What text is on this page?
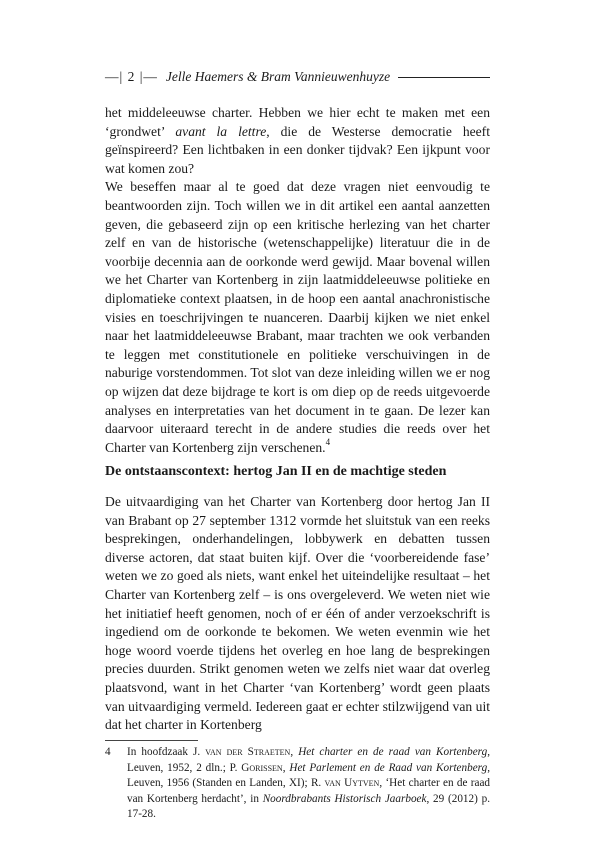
—| 2 |— Jelle Haemers & Bram Vannieuwenhuyze

het middeleeuwse charter. Hebben we hier echt te maken met een ‘grondwet’ avant la lettre, die de Westerse democratie heeft geïnspireerd? Een lichtbaken in een donker tijdvak? Een ijkpunt voor wat komen zou?

We beseffen maar al te goed dat deze vragen niet eenvoudig te beantwoorden zijn. Toch willen we in dit artikel een aantal aanzetten geven, die gebaseerd zijn op een kritische herlezing van het charter zelf en van de historische (wetenschappelijke) literatuur die in de voorbije decennia aan de oorkonde werd gewijd. Maar bovenal willen we het Charter van Kortenberg in zijn laatmiddeleeuwse politieke en diplomatieke context plaatsen, in de hoop een aantal anachronistische visies en toeschrijvingen te nuanceren. Daarbij kijken we niet enkel naar het laatmiddeleeuwse Brabant, maar trachten we ook verbanden te leggen met constitutionele en politieke verschuivingen in de naburige vorstendommen. Tot slot van deze inleiding willen we er nog op wijzen dat deze bijdrage te kort is om diep op de reeds uitgevoerde analyses en interpretaties van het document in te gaan. De lezer kan daarvoor uiteraard terecht in de andere studies die reeds over het Charter van Kortenberg zijn verschenen.$^4$

De ontstaanscontext: hertog Jan II en de machtige steden

De uitvaardiging van het Charter van Kortenberg door hertog Jan II van Brabant op 27 september 1312 vormde het sluitstuk van een reeks besprekingen, onderhandelingen, lobbywerk en debatten tussen diverse actoren, dat staat buiten kijf. Over die ‘voorbereidende fase’ weten we zo goed als niets, want enkel het uiteindelijke resultaat – het Charter van Kortenberg zelf – is ons overgeleverd. We weten niet wie het initiatief heeft genomen, noch of er één of ander verzoekschrift is ingediend om de oorkonde te bekomen. We weten evenmin wie het hoge woord voerde tijdens het overleg en hoe lang de besprekingen precies duurden. Strikt genomen weten we zelfs niet waar dat overleg plaatsvond, want in het Charter ‘van Kortenberg’ wordt geen plaats van uitvaardiging vermeld. Iedereen gaat er echter stilzwijgend van uit dat het charter in Kortenberg

4	In hoofdzaak J. van der Straeten, Het charter en de raad van Kortenberg, Leuven, 1952, 2 dln.; P. Gorissen, Het Parlement en de Raad van Kortenberg, Leuven, 1956 (Standen en Landen, XI); R. van Uytven, ‘Het charter en de raad van Kortenberg herdacht’, in Noordbrabants Historisch Jaarboek, 29 (2012) p. 17-28.
